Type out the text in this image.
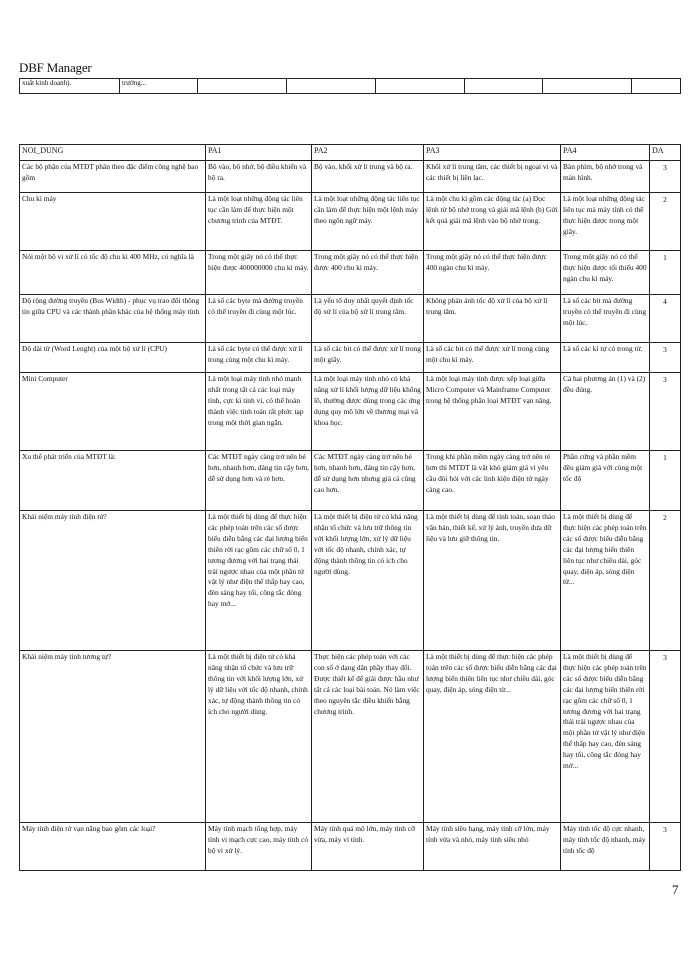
DBF Manager
xuất kinh doanh).	trường...						
NOI_DUNG	PA1	PA2	PA3	PA4	DA
Các bộ phận của MTĐT phân theo đặc điểm công nghệ bao gồm	Bộ vào, bộ nhớ, bộ điều khiển và bộ ra.	Bộ vào, khối xử lí trung và bộ ra.	Khối xử lí trung tâm, các thiết bị ngoại vi và các thiết bị liên lạc.	Bàn phím, bộ nhớ trong và màn hình.	3
Chu kì máy	Là một loạt những động tác liên tục cần làm để thực hiện một chương trình của MTĐT.	Là một loạt những động tác liên tục cần làm để thực hiện một lệnh máy theo ngôn ngữ máy.	Là một chu kì gồm các động tác (a) Đọc lệnh từ bộ nhớ trong và giải mã lệnh (b) Gửi kết quả giải mã lệnh vào bộ nhớ trong.	Là một loạt những động tác liên tục mà máy tính có thể thực hiện được trong một giây.	2
Nói một bộ vi xử lí có tốc độ chu kì 400 MHz, có nghĩa là	Trong một giây nó có thể thực hiện được 400000000 chu kì máy.	Trong một giây nó có thể thực hiện được 400 chu kì máy.	Trong một giây nó có thể thực hiện được 400 ngàn chu kì máy.	Trong một giây nó có thể thực hiện được tối thiểu 400 ngàn chu kì máy.	1
Độ rộng đường truyền (Bus Width) - phục vụ trao đổi thông tin giữa CPU và các thành phần khác của hệ thống máy tính	Là số các byte mà đường truyền có thể truyền đi cùng một lúc.	Là yếu tố duy nhất quyết định tốc độ xử lí của bộ xử lí trung tâm.	Không phản ánh tốc độ xử lí của bộ xử lí trung tâm.	Là số các bit mà đường truyền có thể truyền đi cùng một lúc.	4
Độ dài từ (Word Lenght) của một bộ xử lí (CPU)	Là số các byte có thể được xử lí trong cùng một chu kì máy.	Là số các bit có thể được xử lí trong một giây.	Là số các bit có thể được xử lí trong cùng một chu kì máy.	Là số các kí tự có trong từ.	3
Mini Computer	Là một loại máy tính nhỏ mạnh nhất trong tất cả các loại máy tính, cực kì tinh vi, có thể hoàn thành việc tính toán rất phức tạp trong một thời gian ngắn.	Là một loại máy tính nhỏ có khả năng xử lí khối lượng dữ liệu khổng lồ, thường được dùng trong các ứng dụng quy mô lớn về thương mại và khoa học.	Là một loại máy tính được xếp loại giữa Micro Computer và Mainframe Computer trong hệ thống phân loại MTĐT vạn năng.	Cả hai phương án (1) và (2) đều đúng.	3
Xu thế phát triển của MTĐT là:	Các MTĐT ngày càng trở nên bé hơn, nhanh hơn, đáng tin cậy hơn, dễ sử dụng hơn và rẻ hơn.	Các MTĐT ngày càng trở nên bé hơn, nhanh hơn, đáng tin cậy hơn, dễ sử dụng hơn nhưng giá cả cũng cao hơn.	Trong khi phần mềm ngày càng trở nên rẻ hơn thì MTĐT là vật khó giảm giá vì yêu cầu đòi hỏi với các linh kiện điện tử ngày càng cao.	Phần cứng và phần mềm đều giảm giá với cùng một tốc độ	1
Khái niệm máy tính điện tử?	Là một thiết bị dùng để thực hiện các phép toán trên các số được biểu diễn bằng các đại lượng biến thiên rời rạc gồm các chữ số 0, 1 tương đương với hai trạng thái trái ngược nhau của một phần tử vật lý như điện thế thấp hay cao, đèn sáng hay tối, công tắc đóng hay mở...	Là một thiết bị điện tử có khả năng nhận tổ chức và lưu trữ thông tin với khối lượng lớn, xử lý dữ liệu với tốc độ nhanh, chính xác, tự động thành thông tin có ích cho người dùng.	Là một thiết bị dùng để tính toán, soạn thảo văn bản, thiết kế, xử lý ảnh, truyền đưa dữ liệu và lưu giữ thông tin.	Là một thiết bị dùng để thực hiện các phép toán trên các số được biểu diễn bằng các đại lượng biến thiên liên tục như chiều dài, góc quay, điện áp, sóng điện từ...	2
Khái niệm máy tính tương tự?	Là một thiết bị điện tử có khả năng nhận tổ chức và lưu trữ thông tin với khối lượng lớn, xử lý dữ liệu với tốc độ nhanh, chính xác, tự động thành thông tin có ích cho người dùng.	Thực hiện các phép toán với các con số ở dạng dãn phầy thay đổi. Được thiết kế để giải được hầu như tất cả các loại bài toán. Nó làm việc theo nguyên tắc điều khiển bằng chương trình.	Là một thiết bị dùng để thực hiện các phép toán trên các số được biểu diễn bằng các đại lượng biến thiên liên tục như chiều dài, góc quay, điện áp, sóng điện từ...	Là một thiết bị dùng để thực hiện các phép toán trên các số được biểu diễn bằng các đại lượng biến thiên rời rạc gồm các chữ số 0, 1 tương đương với hai trạng thái trái ngược nhau của một phần tử vật lý như điện thế thấp hay cao, đèn sáng hay tối, công tắc đóng hay mở...	3
Máy tính điện tử vạn năng bao gồm các loại?	Máy tính mạch tổng hợp, máy tính vi mạch cực cao, máy tính có bộ vi xử lý.	Máy tính quá mô lớn, máy tính cỡ vừa, máy vi tính.	Máy tính siêu hạng, máy tính cỡ lớn, máy tính vừa và nhỏ, máy tính siêu nhỏ	Máy tính tốc độ cực nhanh, máy tính tốc độ nhanh, máy tính tốc độ	3
7
